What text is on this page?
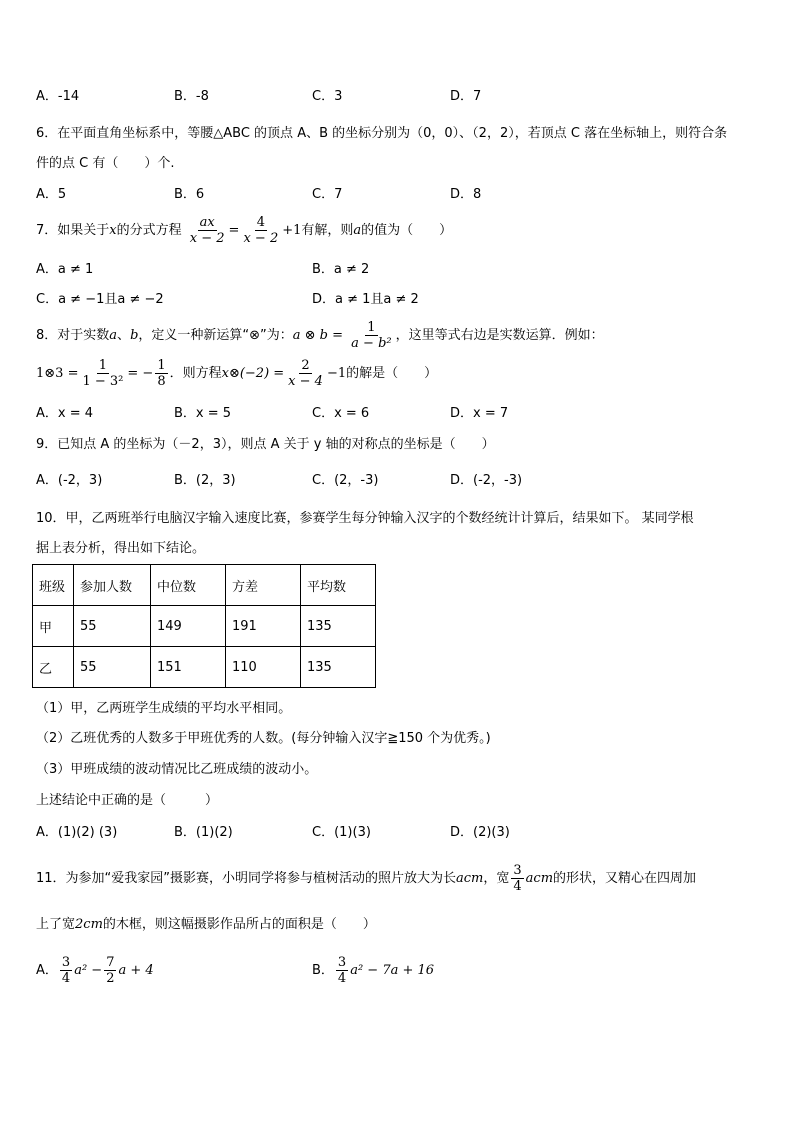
A．-14	B．-8	C．3	D．7
6．在平面直角坐标系中，等腰△ABC 的顶点 A、B 的坐标分别为（0，0）、（2，2），若顶点 C 落在坐标轴上，则符合条
件的点 C 有（　　）个.
A．5	B．6	C．7	D．8
7．如果关于x的分式方程 $\frac{ax}{x - 2} = \frac{4}{x - 2} +1$有解，则a的值为（　　）
A．a ≠ 1	B．a ≠ 2
C．a ≠ −1且a ≠ −2	D．a ≠ 1且a ≠ 2
8．对于实数a、b，定义一种新运算“⊗”为：a ⊗ $b = \frac{1}{\text{a − b²}}$ ，这里等式右边是实数运算．例如：
1⊗3 = $\frac{1}{\text{1 − 3²}}$ = − $\frac{1}{8}$ ．则方程x⊗(−2) = $\frac{2}{x - 4} -1$的解是（　　）
A．x = 4	B．x = 5	C．x = 6	D．x = 7
9．已知点 A 的坐标为（－2，3），则点 A 关于 y 轴的对称点的坐标是（　　）
A．(-2，3)	B．(2，3)	C．(2，-3)	D．(-2，-3)
10．甲，乙两班举行电脑汉字输入速度比赛，参赛学生每分钟输入汉字的个数经统计计算后，结果如下。 某同学根
据上表分析，得出如下结论。
班级	参加人数	中位数	方差	平均数
甲	55	149	191	135
乙	55	151	110	135
（1）甲，乙两班学生成绩的平均水平相同。
（2）乙班优秀的人数多于甲班优秀的人数。(每分钟输入汉字≧150 个为优秀。)
（3）甲班成绩的波动情况比乙班成绩的波动小。
上述结论中正确的是（　　　）
A．(1)(2) (3)	B．(1)(2)	C．(1)(3)	D．(2)(3)
11．为参加“爱我家园”摄影赛，小明同学将参与植树活动的照片放大为长acm，宽 $\frac{3}{4}$ acm的形状，又精心在四周加
上了宽2cm的木框，则这幅摄影作品所占的面积是（　　）
A． $\frac{3}{4} a^2 - \frac{7}{2}$ a + 4	B． $\frac{3}{4} a^2 - 7a + 16$
